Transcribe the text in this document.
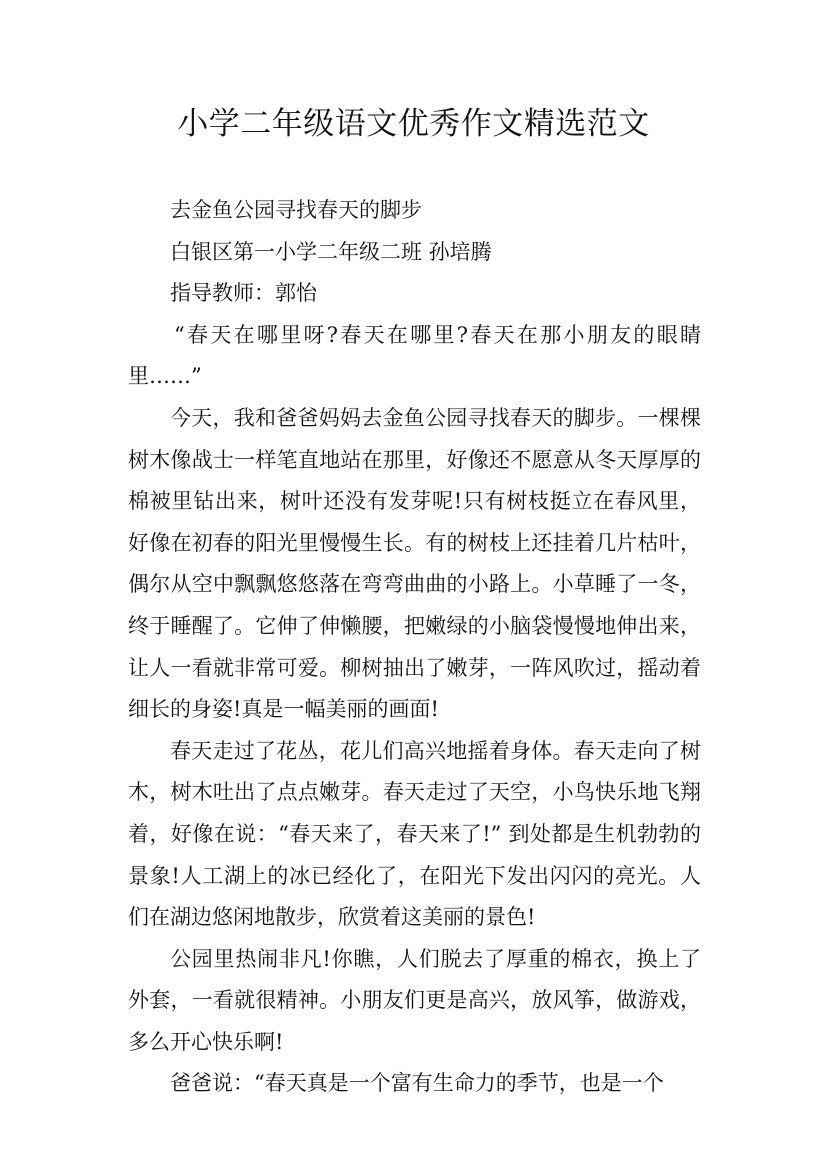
小学二年级语文优秀作文精选范文

去金鱼公园寻找春天的脚步

白银区第一小学二年级二班 孙培腾

指导教师：郭怡

“春天在哪里呀?春天在哪里?春天在那小朋友的眼睛里……”

今天，我和爸爸妈妈去金鱼公园寻找春天的脚步。一棵棵树木像战士一样笔直地站在那里，好像还不愿意从冬天厚厚的棉被里钻出来，树叶还没有发芽呢!只有树枝挺立在春风里，好像在初春的阳光里慢慢生长。有的树枝上还挂着几片枯叶，偶尔从空中飘飘悠悠落在弯弯曲曲的小路上。小草睡了一冬，终于睡醒了。它伸了伸懒腰，把嫩绿的小脑袋慢慢地伸出来，让人一看就非常可爱。柳树抽出了嫩芽，一阵风吹过，摇动着细长的身姿!真是一幅美丽的画面!

春天走过了花丛，花儿们高兴地摇着身体。春天走向了树木，树木吐出了点点嫩芽。春天走过了天空，小鸟快乐地飞翔着，好像在说：“春天来了，春天来了!” 到处都是生机勃勃的景象!人工湖上的冰已经化了，在阳光下发出闪闪的亮光。人们在湖边悠闲地散步，欣赏着这美丽的景色!

公园里热闹非凡!你瞧，人们脱去了厚重的棉衣，换上了外套，一看就很精神。小朋友们更是高兴，放风筝，做游戏，多么开心快乐啊!

爸爸说：“春天真是一个富有生命力的季节，也是一个
